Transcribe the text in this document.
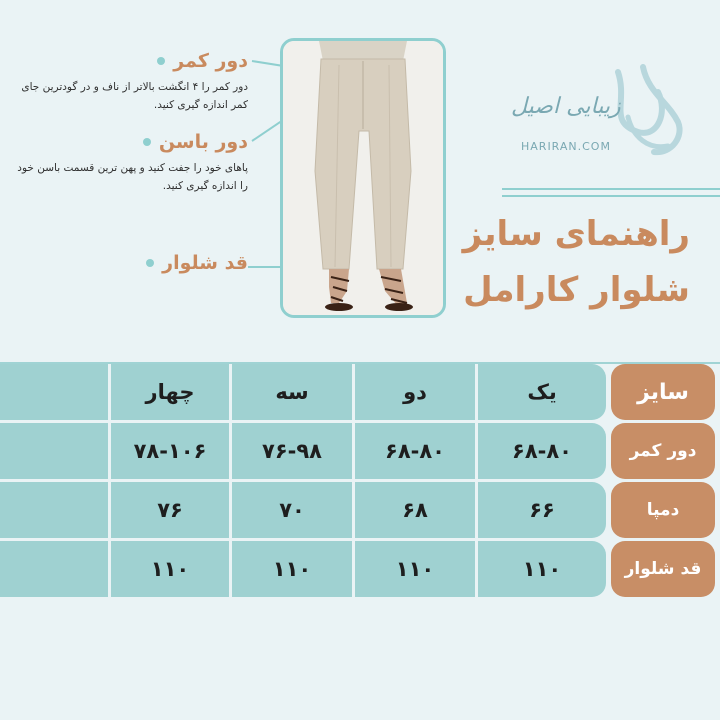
دور کمر
دور کمر را ۴ انگشت بالاتر از ناف و در گودترین جای کمر اندازه گیری کنید.
دور باسن
پاهای خود را جفت کنید و پهن ترین قسمت باسن خود را اندازه گیری کنید.
قد شلوار
زیبایی اصیل
HARIRAN.COM
راهنمای سایز
شلوار کارامل
چهار	سه	دو	یک	سایز
۷۸-۱۰۶	۷۶-۹۸	۶۸-۸۰	۶۸-۸۰	دور کمر
۷۶	۷۰	۶۸	۶۶	دمپا
۱۱۰	۱۱۰	۱۱۰	۱۱۰	قد شلوار
